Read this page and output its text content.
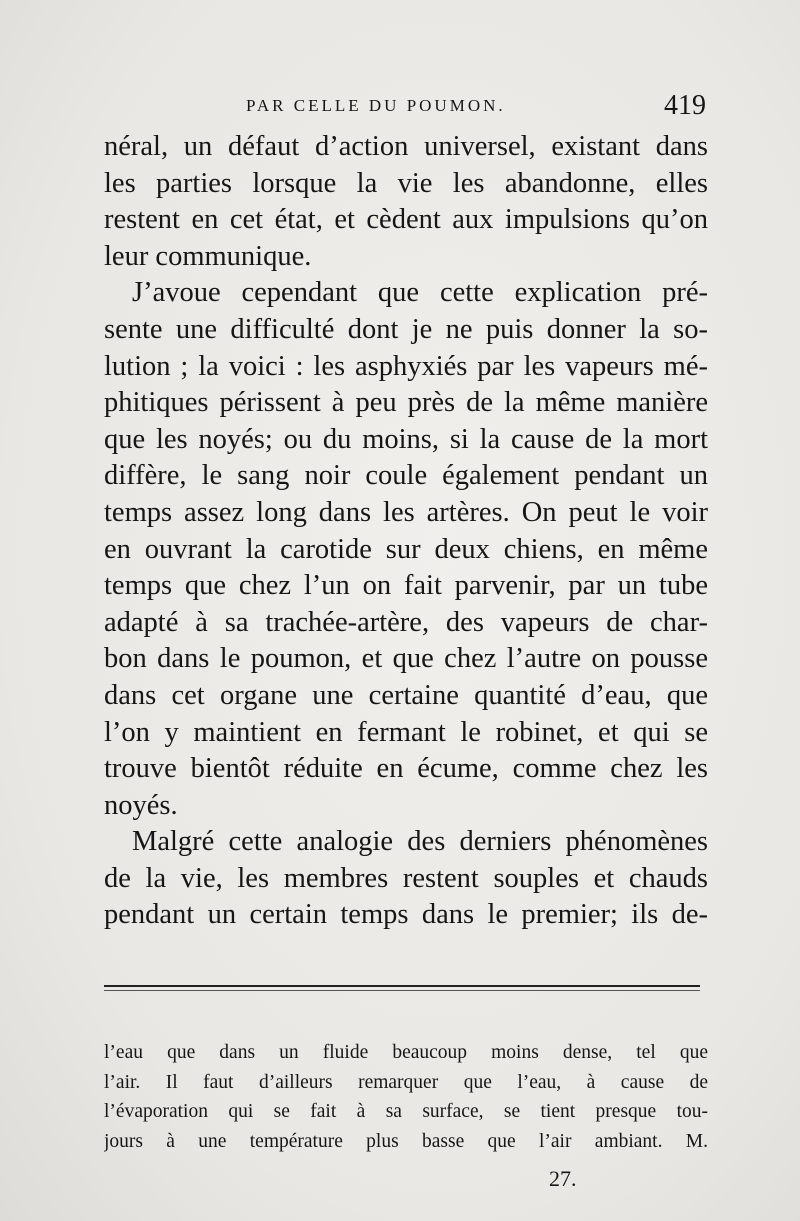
PAR CELLE DU POUMON.	419
néral, un défaut d’action universel, existant dans
les parties lorsque la vie les abandonne, elles
restent en cet état, et cèdent aux impulsions qu’on
leur communique.
J’avoue cependant que cette explication pré-
sente une difficulté dont je ne puis donner la so-
lution ; la voici : les asphyxiés par les vapeurs mé-
phitiques périssent à peu près de la même manière
que les noyés; ou du moins, si la cause de la mort
diffère, le sang noir coule également pendant un
temps assez long dans les artères. On peut le voir
en ouvrant la carotide sur deux chiens, en même
temps que chez l’un on fait parvenir, par un tube
adapté à sa trachée-artère, des vapeurs de char-
bon dans le poumon, et que chez l’autre on pousse
dans cet organe une certaine quantité d’eau, que
l’on y maintient en fermant le robinet, et qui se
trouve bientôt réduite en écume, comme chez les
noyés.
Malgré cette analogie des derniers phénomènes
de la vie, les membres restent souples et chauds
pendant un certain temps dans le premier; ils de-
l’eau que dans un fluide beaucoup moins dense, tel que
l’air. Il faut d’ailleurs remarquer que l’eau, à cause de
l’évaporation qui se fait à sa surface, se tient presque tou-
jours à une température plus basse que l’air ambiant. M.
27.
